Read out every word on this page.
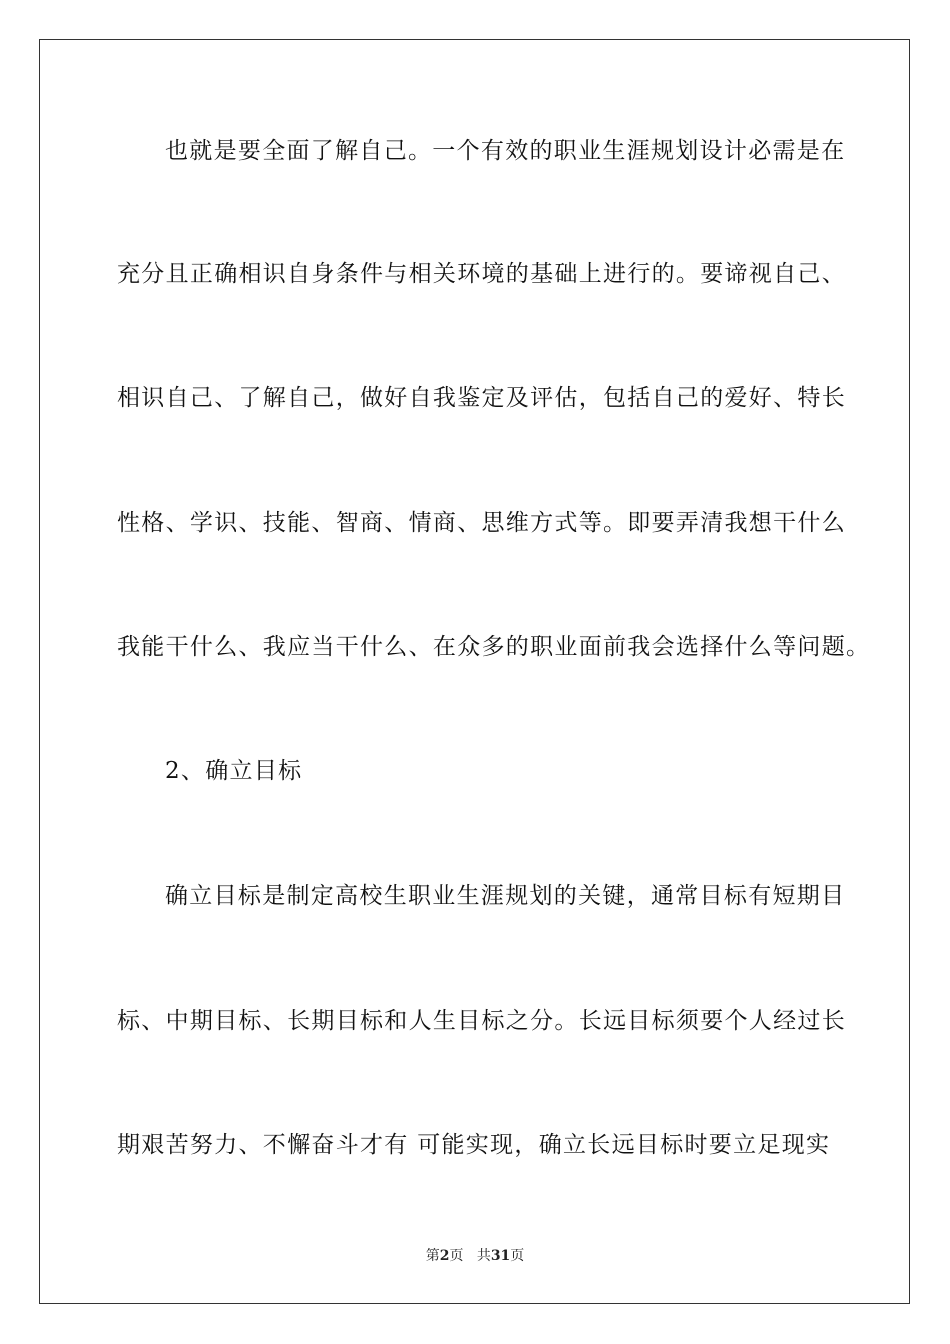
也就是要全面了解自己。一个有效的职业生涯规划设计必需是在
充分且正确相识自身条件与相关环境的基础上进行的。要谛视自己、
相识自己、了解自己，做好自我鉴定及评估，包括自己的爱好、特长
性格、学识、技能、智商、情商、思维方式等。即要弄清我想干什么
我能干什么、我应当干什么、在众多的职业面前我会选择什么等问题。
2、确立目标
确立目标是制定高校生职业生涯规划的关键，通常目标有短期目
标、中期目标、长期目标和人生目标之分。长远目标须要个人经过长
期艰苦努力、不懈奋斗才有 可能实现，确立长远目标时要立足现实
第2页 共31页
